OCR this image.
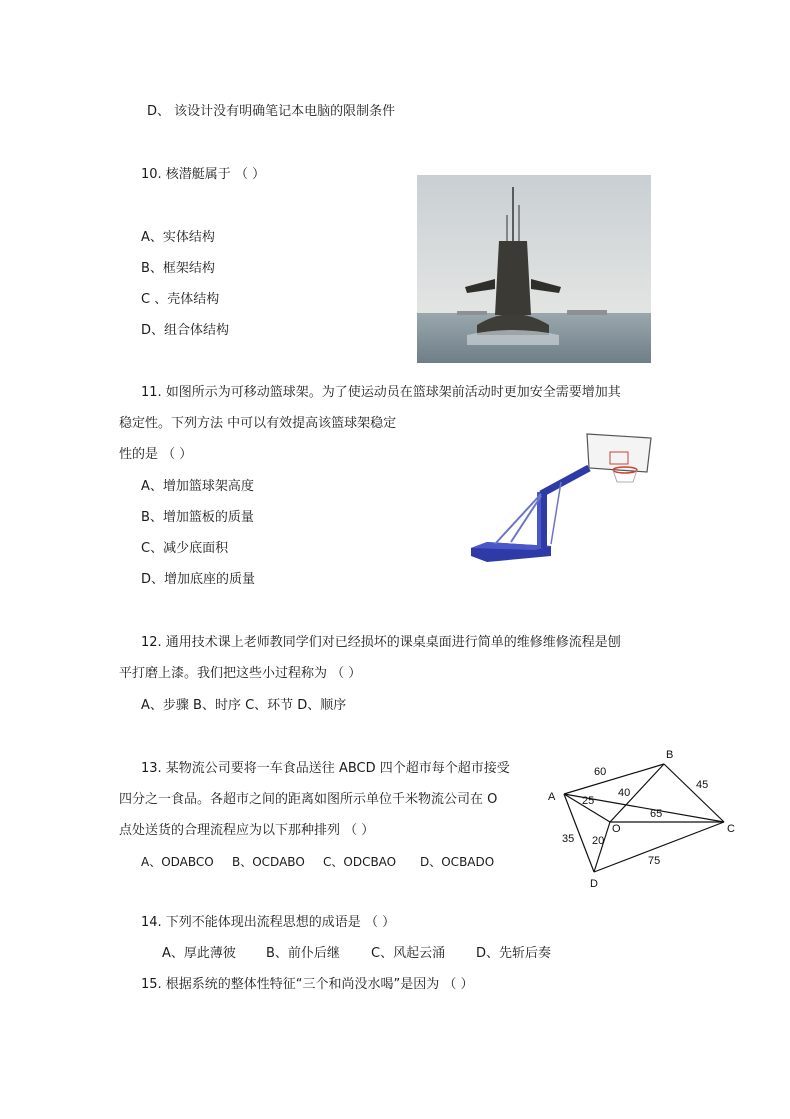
D、 该设计没有明确笔记本电脑的限制条件
10. 核潜艇属于 （ ）
A、实体结构
B、框架结构
C 、壳体结构
D、组合体结构
11. 如图所示为可移动篮球架。为了使运动员在篮球架前活动时更加安全需要增加其
稳定性。下列方法 中可以有效提高该篮球架稳定
性的是 （ ）
A、增加篮球架高度
B、增加篮板的质量
C、减少底面积
D、增加底座的质量
12. 通用技术课上老师教同学们对已经损坏的课桌桌面进行简单的维修维修流程是刨
平打磨上漆。我们把这些小过程称为 （ ）
A、步骤 B、时序 C、环节 D、顺序
13. 某物流公司要将一车食品送往 ABCD 四个超市每个超市接受
四分之一食品。各超市之间的距离如图所示单位千米物流公司在 O
点处送货的合理流程应为以下那种排列 （ ）
A、ODABCO B、OCDABO C、ODCBAO D、OCBADO
A
B
O	C
D
60
25
40
45
65
35 20
75
14. 下列不能体现出流程思想的成语是 （ ）
A、厚此薄彼 B、前仆后继 C、风起云涌 D、先斩后奏
15. 根据系统的整体性特征“三个和尚没水喝”是因为 （ ）
